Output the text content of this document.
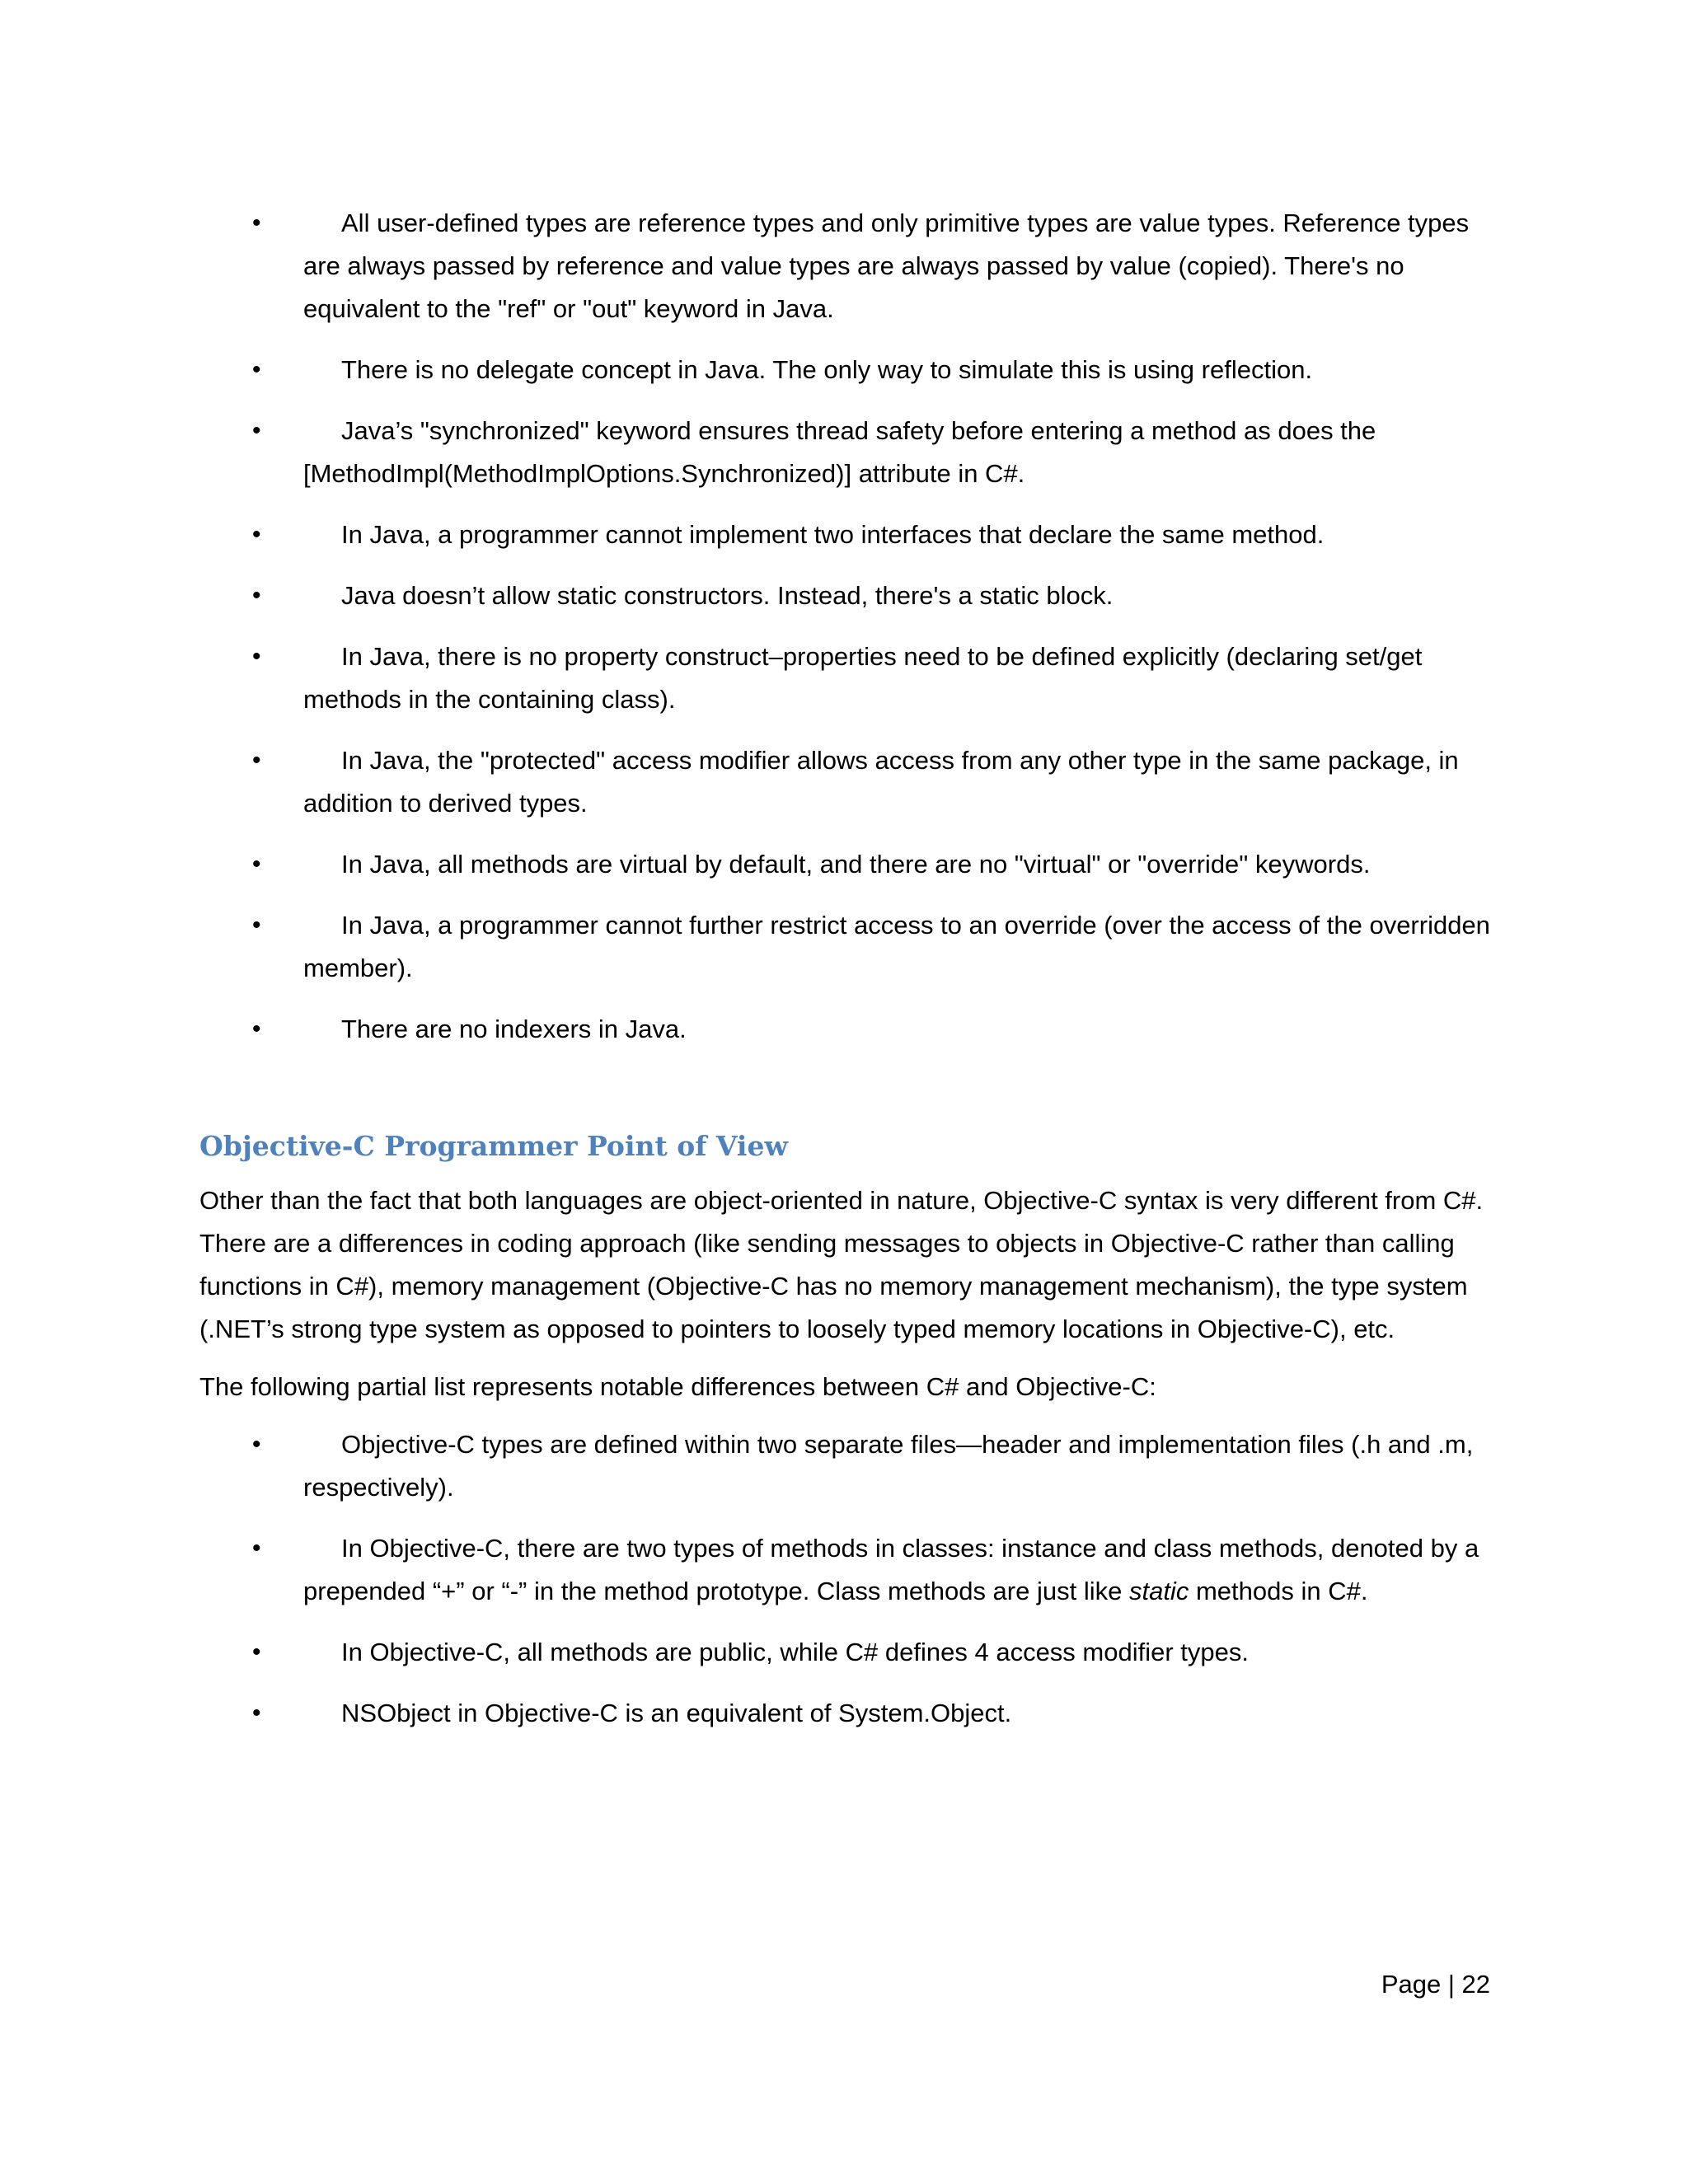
•	All user-defined types are reference types and only primitive types are value types. Reference types are always passed by reference and value types are always passed by value (copied). There's no equivalent to the "ref" or "out" keyword in Java.
•	There is no delegate concept in Java. The only way to simulate this is using reflection.
•	Java’s "synchronized" keyword ensures thread safety before entering a method as does the [MethodImpl(MethodImplOptions.Synchronized)] attribute in C#.
•	In Java, a programmer cannot implement two interfaces that declare the same method.
•	Java doesn’t allow static constructors. Instead, there's a static block.
•	In Java, there is no property construct–properties need to be defined explicitly (declaring set/get methods in the containing class).
•	In Java, the "protected" access modifier allows access from any other type in the same package, in addition to derived types.
•	In Java, all methods are virtual by default, and there are no "virtual" or "override" keywords.
•	In Java, a programmer cannot further restrict access to an override (over the access of the overridden member).
•	There are no indexers in Java.
Objective-C Programmer Point of View

Other than the fact that both languages are object-oriented in nature, Objective-C syntax is very different from C#. There are a differences in coding approach (like sending messages to objects in Objective-C rather than calling functions in C#), memory management (Objective-C has no memory management mechanism), the type system (.NET’s strong type system as opposed to pointers to loosely typed memory locations in Objective-C), etc.

The following partial list represents notable differences between C# and Objective-C:

•	Objective-C types are defined within two separate files—header and implementation files (.h and .m, respectively).
•	In Objective-C, there are two types of methods in classes: instance and class methods, denoted by a prepended “+” or “-” in the method prototype. Class methods are just like static methods in C#.
•	In Objective-C, all methods are public, while C# defines 4 access modifier types.
•	NSObject in Objective-C is an equivalent of System.Object.
Page | 22
